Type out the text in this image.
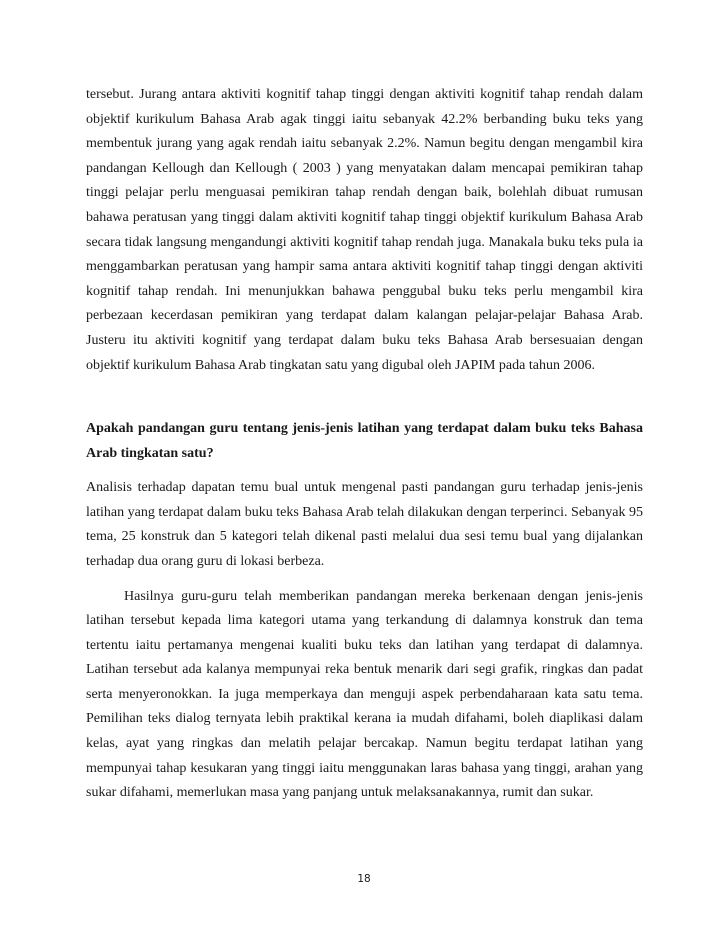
tersebut. Jurang antara aktiviti kognitif tahap tinggi dengan aktiviti kognitif tahap rendah dalam objektif kurikulum Bahasa Arab agak tinggi iaitu sebanyak 42.2% berbanding buku teks yang membentuk jurang yang agak rendah iaitu sebanyak 2.2%. Namun begitu dengan mengambil kira pandangan Kellough dan Kellough ( 2003 ) yang menyatakan dalam mencapai pemikiran tahap tinggi pelajar perlu menguasai pemikiran tahap rendah dengan baik, bolehlah dibuat rumusan bahawa peratusan yang tinggi dalam aktiviti kognitif tahap tinggi objektif kurikulum Bahasa Arab secara tidak langsung mengandungi aktiviti kognitif tahap rendah juga. Manakala buku teks pula ia menggambarkan peratusan yang hampir sama antara aktiviti kognitif tahap tinggi dengan aktiviti kognitif tahap rendah. Ini menunjukkan bahawa penggubal buku teks perlu mengambil kira perbezaan kecerdasan pemikiran yang terdapat dalam kalangan pelajar-pelajar Bahasa Arab. Justeru itu aktiviti kognitif yang terdapat dalam buku teks Bahasa Arab bersesuaian dengan objektif kurikulum Bahasa Arab tingkatan satu yang digubal oleh JAPIM pada tahun 2006.

Apakah pandangan guru tentang jenis-jenis latihan yang terdapat dalam buku teks Bahasa Arab tingkatan satu?

Analisis terhadap dapatan temu bual untuk mengenal pasti pandangan guru terhadap jenis-jenis latihan yang terdapat dalam buku teks Bahasa Arab telah dilakukan dengan terperinci. Sebanyak 95 tema, 25 konstruk dan 5 kategori telah dikenal pasti melalui dua sesi temu bual yang dijalankan terhadap dua orang guru di lokasi berbeza.

Hasilnya guru-guru telah memberikan pandangan mereka berkenaan dengan jenis-jenis latihan tersebut kepada lima kategori utama yang terkandung di dalamnya konstruk dan tema tertentu iaitu pertamanya mengenai kualiti buku teks dan latihan yang terdapat di dalamnya. Latihan tersebut ada kalanya mempunyai reka bentuk menarik dari segi grafik, ringkas dan padat serta menyeronokkan. Ia juga memperkaya dan menguji aspek perbendaharaan kata satu tema. Pemilihan teks dialog ternyata lebih praktikal kerana ia mudah difahami, boleh diaplikasi dalam kelas, ayat yang ringkas dan melatih pelajar bercakap. Namun begitu terdapat latihan yang mempunyai tahap kesukaran yang tinggi iaitu menggunakan laras bahasa yang tinggi, arahan yang sukar difahami, memerlukan masa yang panjang untuk melaksanakannya, rumit dan sukar.

18
